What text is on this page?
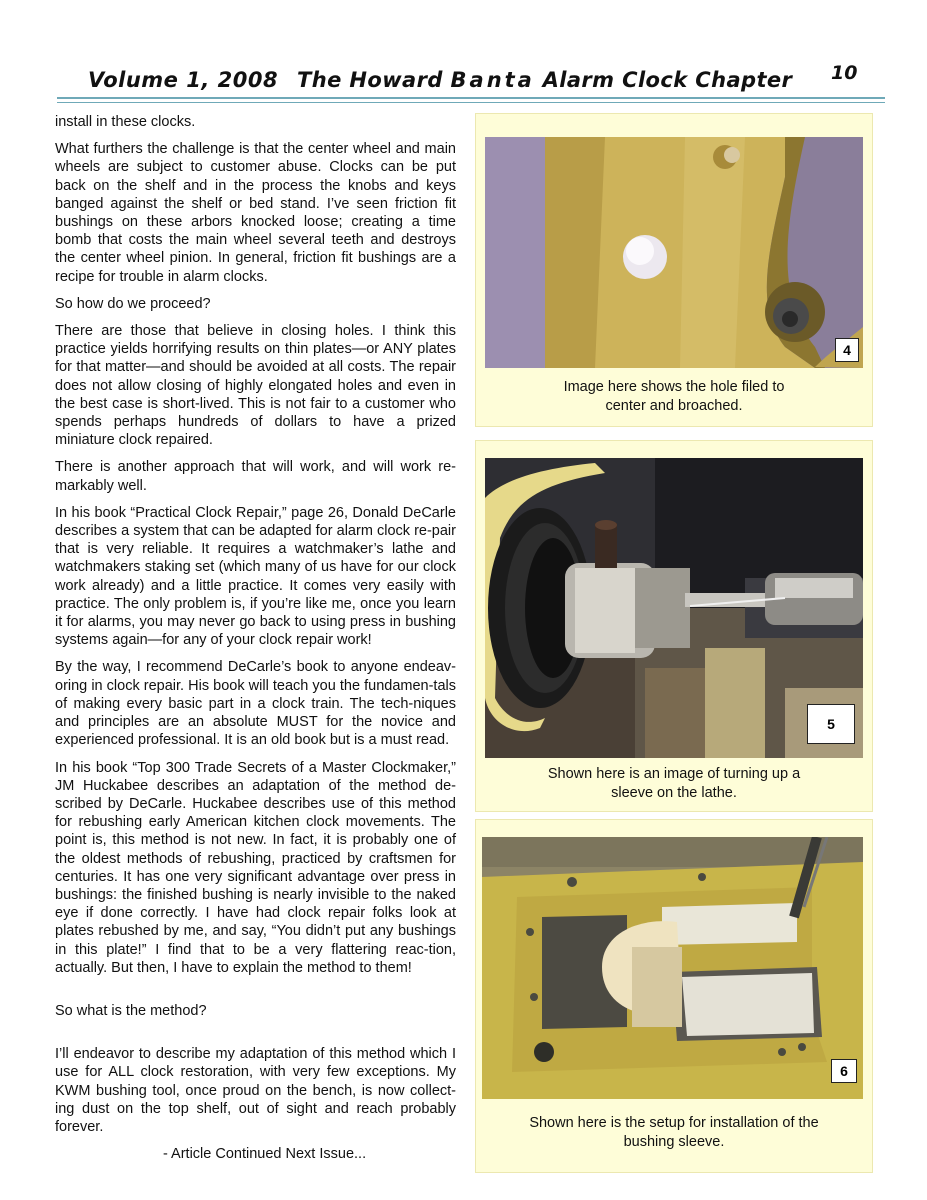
Volume 1, 2008 The Howard Banta Alarm Clock Chapter 10

install in these clocks.

What furthers the challenge is that the center wheel and main wheels are subject to customer abuse. Clocks can be put back on the shelf and in the process the knobs and keys banged against the shelf or bed stand. I’ve seen friction fit bushings on these arbors knocked loose; creating a time bomb that costs the main wheel several teeth and destroys the center wheel pinion. In general, friction fit bushings are a recipe for trouble in alarm clocks.

So how do we proceed?

There are those that believe in closing holes. I think this practice yields horrifying results on thin plates—or ANY plates for that matter—and should be avoided at all costs. The repair does not allow closing of highly elongated holes and even in the best case is short-lived. This is not fair to a customer who spends perhaps hundreds of dollars to have a prized miniature clock repaired.

There is another approach that will work, and will work re-markably well.

In his book “Practical Clock Repair,” page 26, Donald DeCarle describes a system that can be adapted for alarm clock re-pair that is very reliable. It requires a watchmaker’s lathe and watchmakers staking set (which many of us have for our clock work already) and a little practice. It comes very easily with practice. The only problem is, if you’re like me, once you learn it for alarms, you may never go back to using press in bushing systems again—for any of your clock repair work!

By the way, I recommend DeCarle’s book to anyone endeav-oring in clock repair. His book will teach you the fundamen-tals of making every basic part in a clock train. The tech-niques and principles are an absolute MUST for the novice and experienced professional. It is an old book but is a must read.

In his book “Top 300 Trade Secrets of a Master Clockmaker,” JM Huckabee describes an adaptation of the method de-scribed by DeCarle. Huckabee describes use of this method for rebushing early American kitchen clock movements. The point is, this method is not new. In fact, it is probably one of the oldest methods of rebushing, practiced by craftsmen for centuries. It has one very significant advantage over press in bushings: the finished bushing is nearly invisible to the naked eye if done correctly. I have had clock repair folks look at plates rebushed by me, and say, “You didn’t put any bushings in this plate!” I find that to be a very flattering reac-tion, actually. But then, I have to explain the method to them!

So what is the method?

I’ll endeavor to describe my adaptation of this method which I use for ALL clock restoration, with very few exceptions. My KWM bushing tool, once proud on the bench, is now collect-ing dust on the top shelf, out of sight and reach probably forever.

- Article Continued Next Issue...

4
Image here shows the hole filed to
center and broached.
5
Shown here is an image of turning up a
sleeve on the lathe.
6
Shown here is the setup for installation of the
bushing sleeve.
